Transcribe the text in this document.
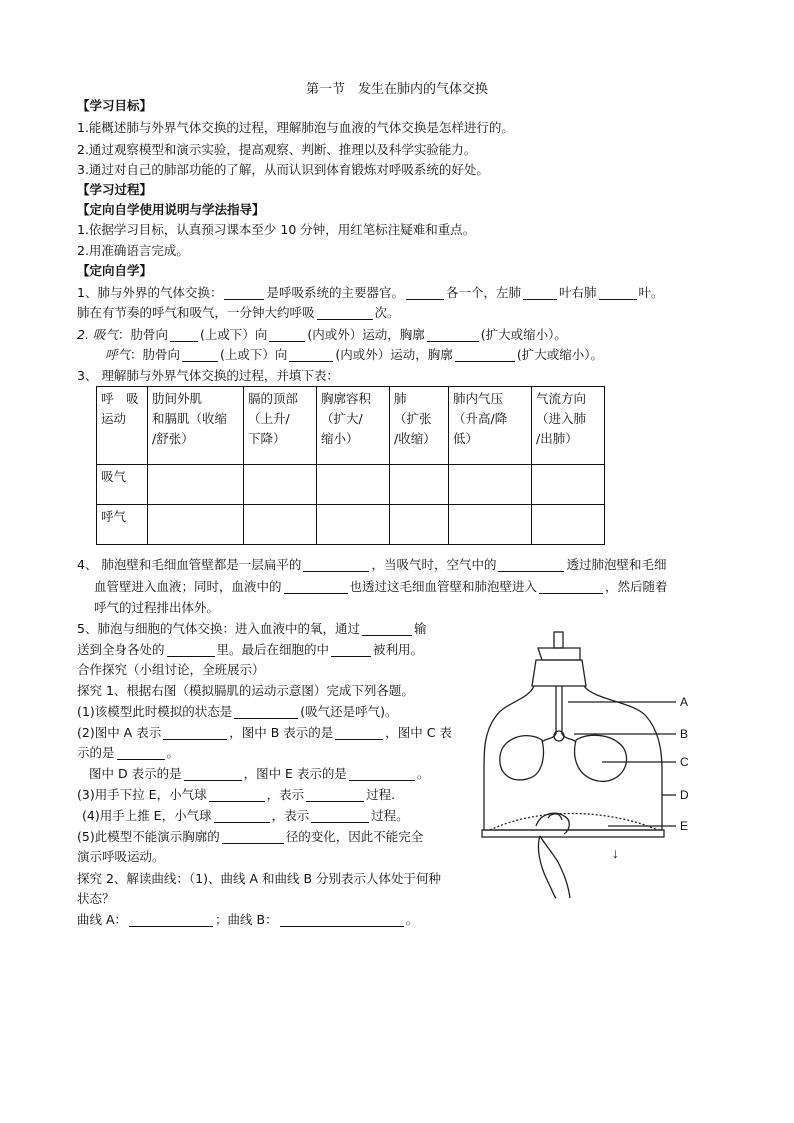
第一节　发生在肺内的气体交换
【学习目标】
1.能概述肺与外界气体交换的过程，理解肺泡与血液的气体交换是怎样进行的。
2.通过观察模型和演示实验，提高观察、判断、推理以及科学实验能力。
3.通过对自己的肺部功能的了解，从而认识到体育锻炼对呼吸系统的好处。
【学习过程】
【定向自学使用说明与学法指导】
1.依据学习目标，认真预习课本至少 10 分钟，用红笔标注疑难和重点。
2.用准确语言完成。
【定向自学】
1、肺与外界的气体交换：	是呼吸系统的主要器官。	各一个，左肺	叶右肺	叶。
肺在有节奏的呼气和吸气，一分钟大约呼吸	次。
2. 吸气：肋骨向	(上或下）向	(内或外）运动，胸廓	(扩大或缩小）。
呼气：肋骨向	(上或下）向	(内或外）运动，胸廓	(扩大或缩小）。
3、 理解肺与外界气体交换的过程，并填下表：
呼　吸
运动	肋间外肌
和膈肌（收缩
/舒张）	膈的顶部
（上升/
下降）	胸廓容积
（扩大/
缩小）	肺
（扩张
/收缩）	肺内气压
（升高/降
低）	气流方向
（进入肺
/出肺）
吸气						
呼气						
4、 肺泡壁和毛细血管壁都是一层扁平的	，当吸气时，空气中的	透过肺泡壁和毛细
血管壁进入血液；同时，血液中的	也透过这毛细血管壁和肺泡壁进入	，然后随着
呼气的过程排出体外。
5、肺泡与细胞的气体交换：进入血液中的氧，通过	输
送到全身各处的	里。最后在细胞的中	被利用。
合作探究（小组讨论，全班展示）
探究 1、根据右图（模拟膈肌的运动示意图）完成下列各题。
(1)该模型此时模拟的状态是	(吸气还是呼气)。
(2)图中 A 表示	，图中 B 表示的是	，图中 C 表
示的是	。
图中 D 表示的是	，图中 E 表示的是	。
(3)用手下拉 E，小气球	，表示	过程.
(4)用手上推 E，小气球	，表示	过程。
(5)此模型不能演示胸廓的	径的变化，因此不能完全
演示呼吸运动。
探究 2、解读曲线：（1)、曲线 A 和曲线 B 分别表示人体处于何种
状态？
曲线 A：	；曲线 B：	。
A
B
C
D
E
↓
